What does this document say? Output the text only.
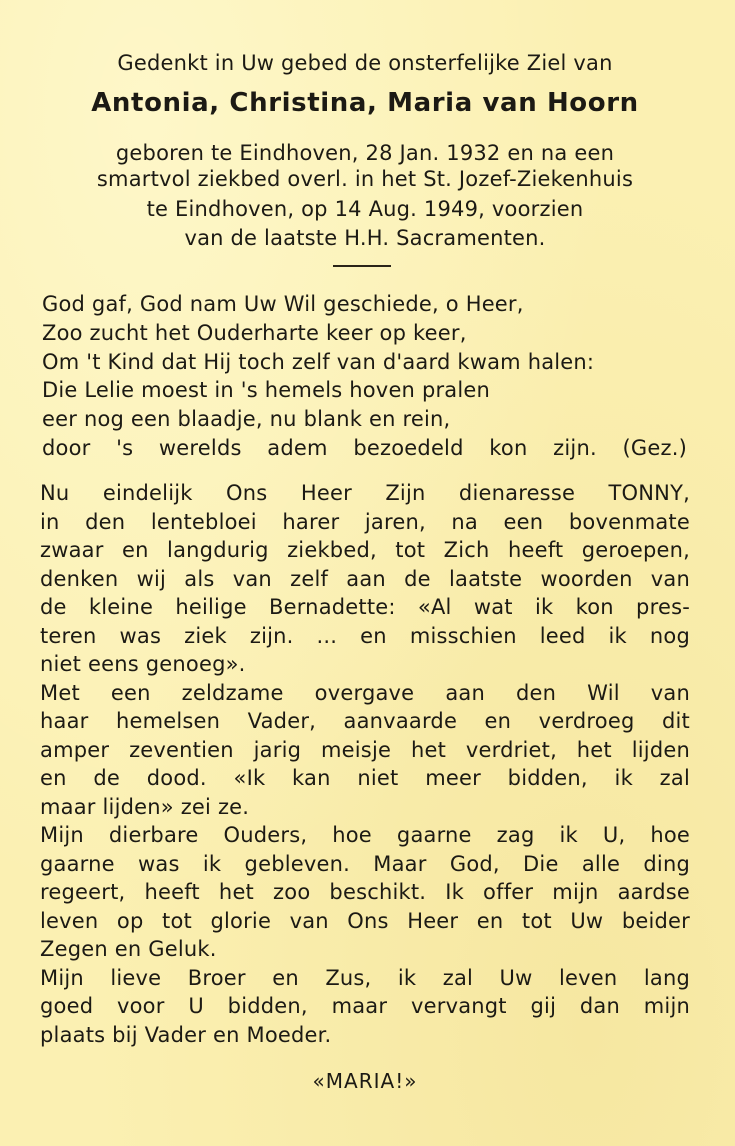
Gedenkt in Uw gebed de onsterfelijke Ziel van
Antonia, Christina, Maria van Hoorn
geboren te Eindhoven, 28 Jan. 1932 en na een
smartvol ziekbed overl. in het St. Jozef-Ziekenhuis
te Eindhoven, op 14 Aug. 1949, voorzien
van de laatste H.H. Sacramenten.
God gaf, God nam Uw Wil geschiede, o Heer,
Zoo zucht het Ouderharte keer op keer,
Om 't Kind dat Hij toch zelf van d'aard kwam halen:
Die Lelie moest in 's hemels hoven pralen
eer nog een blaadje, nu blank en rein,
door 's werelds adem bezoedeld kon zijn. (Gez.)
Nu eindelijk Ons Heer Zijn dienaresse TONNY,
in den lentebloei harer jaren, na een bovenmate
zwaar en langdurig ziekbed, tot Zich heeft geroepen,
denken wij als van zelf aan de laatste woorden van
de kleine heilige Bernadette: «Al wat ik kon pres-
teren was ziek zijn. ... en misschien leed ik nog
niet eens genoeg».
Met een zeldzame overgave aan den Wil van
haar hemelsen Vader, aanvaarde en verdroeg dit
amper zeventien jarig meisje het verdriet, het lijden
en de dood. «Ik kan niet meer bidden, ik zal
maar lijden» zei ze.
Mijn dierbare Ouders, hoe gaarne zag ik U, hoe
gaarne was ik gebleven. Maar God, Die alle ding
regeert, heeft het zoo beschikt. Ik offer mijn aardse
leven op tot glorie van Ons Heer en tot Uw beider
Zegen en Geluk.
Mijn lieve Broer en Zus, ik zal Uw leven lang
goed voor U bidden, maar vervangt gij dan mijn
plaats bij Vader en Moeder.
«MARIA!»
